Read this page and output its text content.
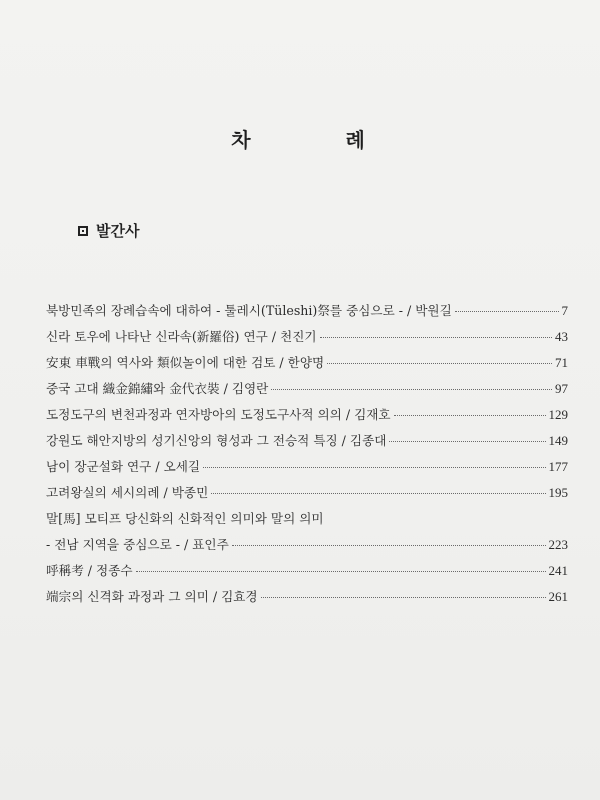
차 례
발간사
북방민족의 장례습속에 대하여 - 툴레시(Tüleshi)祭를 중심으로 - / 박원길	7
신라 토우에 나타난 신라속(新羅俗) 연구 / 천진기	43
安東 車戰의 역사와 類似놀이에 대한 검토 / 한양명	71
중국 고대 織金錦繡와 金代衣裝 / 김영란	97
도정도구의 변천과정과 연자방아의 도정도구사적 의의 / 김재호	129
강원도 해안지방의 성기신앙의 형성과 그 전승적 특징 / 김종대	149
남이 장군설화 연구 / 오세길	177
고려왕실의 세시의례 / 박종민	195
말[馬] 모티프 당신화의 신화적인 의미와 말의 의미
- 전남 지역을 중심으로 - / 표인주	223
呼稱考 / 정종수	241
端宗의 신격화 과정과 그 의미 / 김효경	261
